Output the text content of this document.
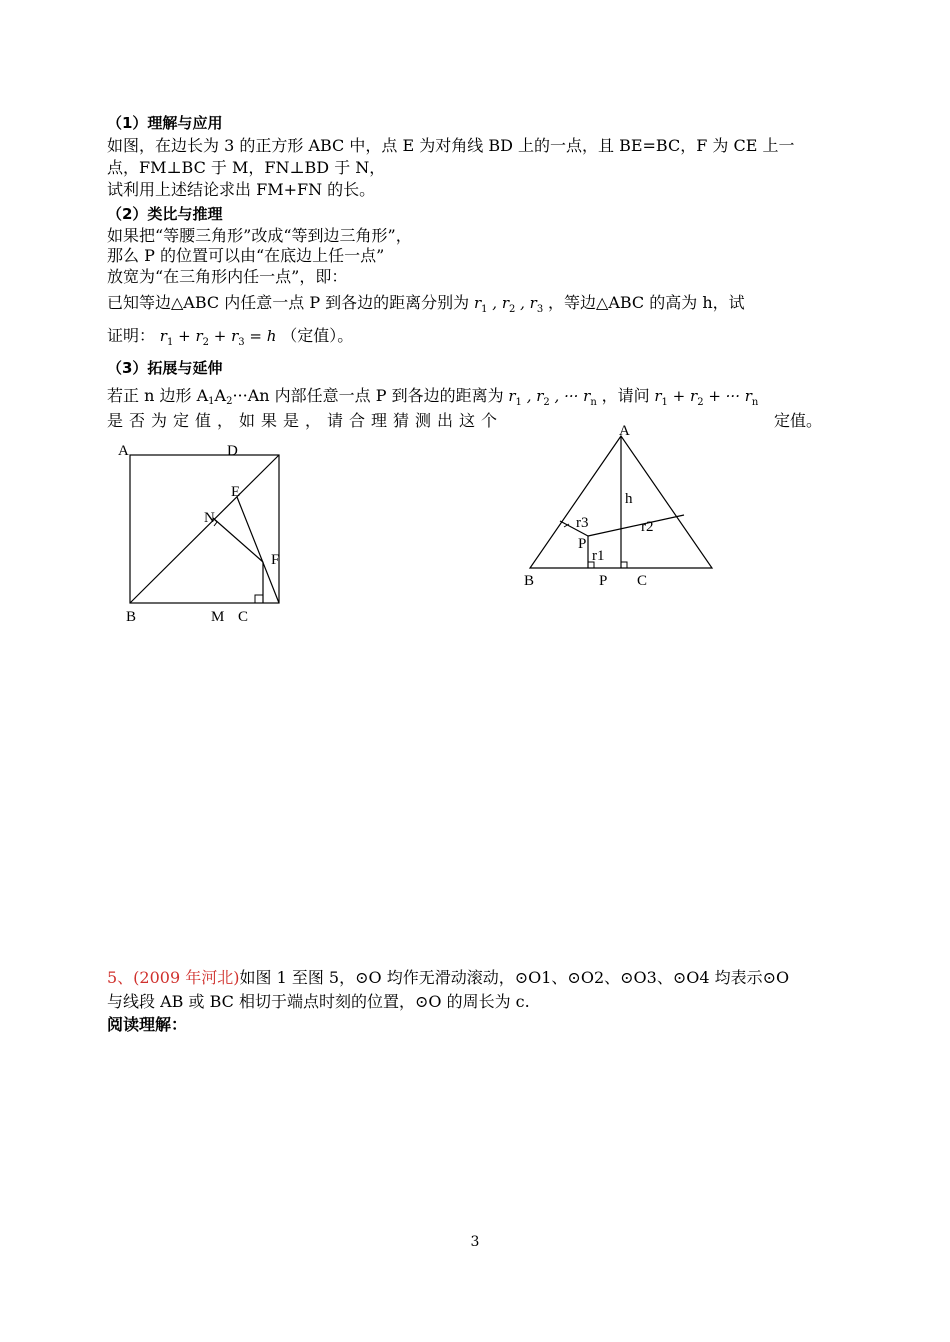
（1）理解与应用
如图，在边长为 3 的正方形 ABC 中，点 E 为对角线 BD 上的一点，且 BE=BC，F 为 CE 上一
点，FM⊥BC 于 M，FN⊥BD 于 N，
试利用上述结论求出 FM+FN 的长。
（2）类比与推理
如果把“等腰三角形”改成“等到边三角形”，
那么 P 的位置可以由“在底边上任一点”
放宽为“在三角形内任一点”，即：
已知等边△ABC 内任意一点 P 到各边的距离分别为 $r_1$ , $r_2$ , $r_3$ ，等边△ABC 的高为 h，试
证明： $r_1 + r_2 + r_3 = h$ （定值）。
（3）拓展与延伸
若正 n 边形 A1A2···An 内部任意一点 P 到各边的距离为 $r_1$ , $r_2$ , ··· $r_n$ ，请问 $r_1 + r_2$ + ··· $r_n$
是否为定值，如果是，请合理猜测出这个	定值。
A	D
E
N
F
B	M C
A
h
r3	r2
P
r1
B	P C
5、(2009 年河北)如图 1 至图 5，⊙O 均作无滑动滚动，⊙O1、⊙O2、⊙O3、⊙O4 均表示⊙O
与线段 AB 或 BC 相切于端点时刻的位置，⊙O 的周长为 c.
阅读理解：
3
